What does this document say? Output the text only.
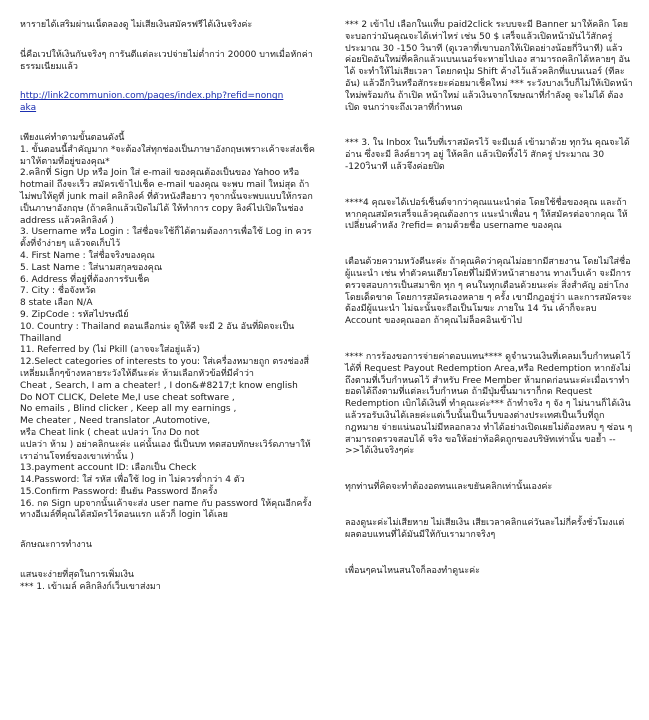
หารายได้เสริมผ่านเน็ตลองดู ไม่เสียเงินสมัครฟรีได้เงินจริงค่ะ

นี่คือเวปให้เงินกันจริงๆ การันตีแต่ละเวปจ่ายไม่ต่ำกว่า 20000 บาทเมื่อหักค่าธรรมเนียมแล้ว

http://link2communion.com/pages/index.php?refid=nongn
aka

เพียงแค่ทำตามขั้นตอนดังนี้

1. ขั้นตอนนี้สำคัญมาก *จะต้องใส่ทุกช่องเป็นภาษาอังกฤษเพราะเค้าจะส่งเช็คมาให้ตามที่อยู่ของคุณ*

2.คลิกที่ Sign Up หรือ Join ใส่ e-mail ของคุณต้องเป็นของ Yahoo หรือ hotmail ถึงจะเร็ว สมัครเข้าไปเช็ค e-mail ของคุณ จะพบ mail ใหม่สุด ถ้าไม่พบให้ดูที่ junk mail คลิกลิงค์ ที่ตัวหนังสือยาว ๆจากนั้นจะพบแบบให้กรอกเป็นภาษาอังกฤษ (ถ้าคลิกแล้วเปิดไม่ได้ ให้ทำการ copy ลิงค์ไปเปิดในช่อง address แล้วคลิกลิงค์ )

3. Username หรือ Login : ใส่ชื่อจะใช้ก็ได้ตามต้องการเพื่อใช้ Log in ควรตั้งที่จำง่ายๆ แล้วจดเก็บไว้

4. First Name : ใส่ชื่อจริงของคุณ

5. Last Name : ใส่นามสกุลของคุณ

6. Address ที่อยู่ที่ต้องการรับเช็ค

7. City : ชื่อจังหวัด

8 state เลือก N/A

9. ZipCode : รหัสไปรษณีย์

10. Country : Thailand ตอนเลือกน่ะ ดูให้ดี จะมี 2 อัน อันที่ผิดจะเป็น Thailland

11. Referred by (ไม่ Pkill (อาจจะใส่อยู่แล้ว)

12.Select categories of interests to you: ใส่เครื่องหมายถูก ตรงช่องสี่เหลี่ยมเล็กๆข้างหลายระวังให้ดีนะค่ะ ห้ามเลือกหัวข้อที่มีคำว่า

Cheat , Search, I am a cheater! , I don&#8217;t know english

Do NOT CLICK, Delete Me,I use cheat software ,

No emails , Blind clicker , Keep all my earnings ,

Me cheater , Need translator ,Automotive,

หรือ Cheat link ( cheat แปลว่า โกง Do not

แปลว่า ห้าม ) อย่าคลิกนะค่ะ แค่นั้นเอง นี่เป็นบท ทดสอบทักษะเวิร์ดภาษาให้เราอ่านโจทย์ของเขาเท่านั้น )

13.payment account ID: เลือกเป็น Check

14.Password: ใส่ รหัส เพื่อใช้ log in ไม่ควรต่ำกว่า 4 ตัว

15.Confirm Password: ยืนยัน Password อีกครั้ง

16. กด Sign upจากนั้นเค้าจะส่ง user name กับ password ให้คุณอีกครั้ง ทางอีเมล์ที่คุณได้สมัครไว้ตอนแรก แล้วก็ login ได้เลย

ลักษณะการทำงาน

แสนจะง่ายที่สุดในการเพิ่มเงิน

*** 1. เข้าเมล์ คลิกลิงก์เว็บเขาส่งมา

*** 2 เข้าไป เลือกในแท็บ paid2click ระบบจะมี Banner มาให้คลิก โดยจะบอกว่ามันคุณจะได้เท่าไหร่ เช่น 50 $ เสร็จแล้วเปิดหน้ามันไว้สักครู่ ประมาณ 30 -150 วินาที (ดูเวลาที่เขาบอกให้เปิดอย่างน้อยกี่วินาที) แล้วค่อยปิดอันใหม่ที่คลิกแล้วแบนเนอร์จะหายไปเอง สามารถคลิกได้หลายๆ อันได้ จะทำให้ไม่เสียเวลา โดยกดปุ่ม Shift ค้างไว้แล้วคลิกที่แบนเนอร์ (ทีละอัน) แล้วอีกวินหรือสักระยะค่อยมาเช็คใหม่ *** ระวังบางเว็บก็ไม่ให้เปิดหน้าใหม่พร้อมกัน ถ้าเปิด หน้าใหม่ แล้วเงินจากโฆษณาที่กำลังดู จะไม่ได้ ต้อง เปิด จนกว่าจะถึงเวลาที่กำหนด

*** 3. ใน Inbox ในเว็บที่เราสมัครไว้ จะมีเมล์ เข้ามาด้วย ทุกวัน คุณจะได้อ่าน ซึ่งจะมี ลิงค์ยาวๆ อยู่ ให้คลิก แล้วเปิดทิ้งไว้ สักครู่ ประมาณ 30 -120วินาที แล้วจึงค่อยปิด

****4 คุณจะได้เปอร์เซ็นต์จากว่าคุณแนะนำต่อ โดยใช้ชื่อของคุณ และถ้าหากคุณสมัครเสร็จแล้วคุณต้องการ แนะนำเพื่อน ๆ ให้สมัครต่อจากคุณ ให้เปลี่ยนคำหลัง ?refid= ตามด้วยชื่อ username ของคุณ

เตือนด้วยความหวังดีนะค่ะ ถ้าคุณคิดว่าคุณไม่อยากมีสายงาน โดยไม่ใส่ชื่อผู้แนะนำ เช่น ทำตัวคนเดียวโดยที่ไม่มีหัวหน้าสายงาน ทางเว็บเค้า จะมีการตรวจสอบการเป็นสมาชิก ทุก ๆ คนในทุกเดือนด้วยนะค่ะ สิ่งสำคัญ อย่าโกงโดยเด็ดขาด โดยการสมัครเองหลาย ๆ ครั้ง เขามีกฎอยู่ว่า และการสมัครจะต้องมีผู้แนะนำ ไม่ฉะนั้นจะถือเป็นโมฆะ ภายใน 14 วัน เค้าก็จะลบ Account ของคุณออก ถ้าคุณไม่ล็อคอินเข้าไป

**** การร้องขอการจ่ายค่าตอบแทน**** ดูจำนวนเงินที่เคลมเว็บกำหนดไว้ได้ที่ Request Payout Redemption Area,หรือ Redemption หากยังไม่ถึงตามที่เว็บกำหนดไว้ สำหรับ Free Member ห้ามกดก่อนนะค่ะเมื่อเราทำยอดได้ถึงตามที่แต่ละเว็บกำหนด ถ้ามีปุ่มขึ้นมาเราก็กด Request Redemption เบิกได้เงินที่ ทำคุณะค่ะ*** ถ้าทำจริง ๆ จัง ๆ ไม่นานก็ได้เงินแล้วรอรับเงินได้เลยค่ะแต่เว็บนั้นเป็นเว็บของต่างประเทศเป็นเว็บที่ถูกกฎหมาย จ่ายแน่นอนไม่มีหลอกลวง ทำได้อย่างเปิดเผยไม่ต้องหลบ ๆ ซ่อน ๆ สามารถตรวจสอบได้ จริง ขอให้อย่าท้อคิดถูกของบริษัทเท่านั้น ขอย้ำ -->>ได้เงินจริงๆค่ะ

ทุกท่านที่คิดจะทำต้องอดทนและขยันคลิกเท่านั้นเองค่ะ

ลองดูนะค่ะไม่เสียหาย ไม่เสียเงิน เสียเวลาคลิกแค่วันละไม่กี่ครั้งชั่วโมงแต่ผลตอบแทนที่ได้มันมีให้กับเรามากจริงๆ

เพื่อนๆคนไหนสนใจก็ลองทำดูนะค่ะ
